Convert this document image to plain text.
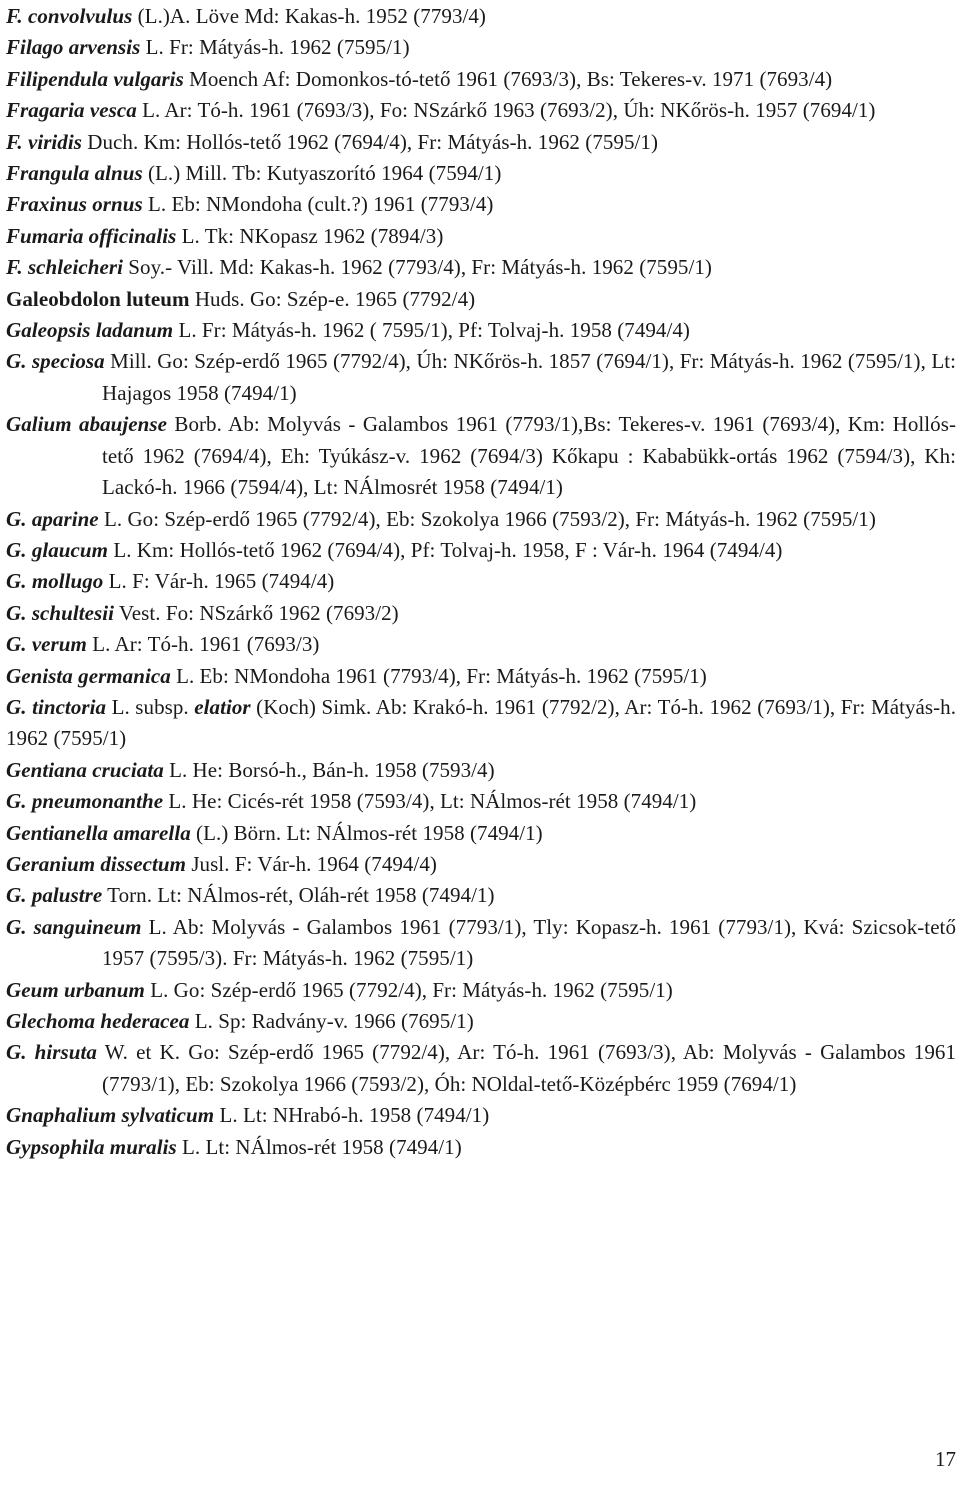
F. convolvulus (L.)A. Löve Md: Kakas-h. 1952 (7793/4)

Filago arvensis L. Fr: Mátyás-h. 1962 (7595/1)

Filipendula vulgaris Moench Af: Domonkos-tó-tető 1961 (7693/3), Bs: Tekeres-v. 1971 (7693/4)

Fragaria vesca L. Ar: Tó-h. 1961 (7693/3), Fo: NSzárkő 1963 (7693/2), Úh: NKőrös-h. 1957 (7694/1)

F. viridis Duch. Km: Hollós-tető 1962 (7694/4), Fr: Mátyás-h. 1962 (7595/1)

Frangula alnus (L.) Mill. Tb: Kutyaszorító 1964 (7594/1)

Fraxinus ornus L. Eb: NMondoha (cult.?) 1961 (7793/4)

Fumaria officinalis L. Tk: NKopasz 1962 (7894/3)

F. schleicheri Soy.- Vill. Md: Kakas-h. 1962 (7793/4), Fr: Mátyás-h. 1962 (7595/1)

Galeobdolon luteum Huds. Go: Szép-e. 1965 (7792/4)

Galeopsis ladanum L. Fr: Mátyás-h. 1962 ( 7595/1), Pf: Tolvaj-h. 1958 (7494/4)

G. speciosa Mill. Go: Szép-erdő 1965 (7792/4), Úh: NKőrös-h. 1857 (7694/1), Fr: Mátyás-h. 1962 (7595/1), Lt: Hajagos 1958 (7494/1)

Galium abaujense Borb. Ab: Molyvás - Galambos 1961 (7793/1),Bs: Tekeres-v. 1961 (7693/4), Km: Hollós-tető 1962 (7694/4), Eh: Tyúkász-v. 1962 (7694/3) Kőkapu : Kababükk-ortás 1962 (7594/3), Kh: Lackó-h. 1966 (7594/4), Lt: NÁlmosrét 1958 (7494/1)

G. aparine L. Go: Szép-erdő 1965 (7792/4), Eb: Szokolya 1966 (7593/2), Fr: Mátyás-h. 1962 (7595/1)

G. glaucum L. Km: Hollós-tető 1962 (7694/4), Pf: Tolvaj-h. 1958, F : Vár-h. 1964 (7494/4)

G. mollugo L. F: Vár-h. 1965 (7494/4)

G. schultesii Vest. Fo: NSzárkő 1962 (7693/2)

G. verum L. Ar: Tó-h. 1961 (7693/3)

Genista germanica L. Eb: NMondoha 1961 (7793/4), Fr: Mátyás-h. 1962 (7595/1)

G. tinctoria L. subsp. elatior (Koch) Simk. Ab: Krakó-h. 1961 (7792/2), Ar: Tó-h. 1962 (7693/1), Fr: Mátyás-h. 1962 (7595/1)

Gentiana cruciata L. He: Borsó-h., Bán-h. 1958 (7593/4)

G. pneumonanthe L. He: Cicés-rét 1958 (7593/4), Lt: NÁlmos-rét 1958 (7494/1)

Gentianella amarella (L.) Börn. Lt: NÁlmos-rét 1958 (7494/1)

Geranium dissectum Jusl. F: Vár-h. 1964 (7494/4)

G. palustre Torn. Lt: NÁlmos-rét, Oláh-rét 1958 (7494/1)

G. sanguineum L. Ab: Molyvás - Galambos 1961 (7793/1), Tly: Kopasz-h. 1961 (7793/1), Kvá: Szicsok-tető 1957 (7595/3). Fr: Mátyás-h. 1962 (7595/1)

Geum urbanum L. Go: Szép-erdő 1965 (7792/4), Fr: Mátyás-h. 1962 (7595/1)

Glechoma hederacea L. Sp: Radvány-v. 1966 (7695/1)

G. hirsuta W. et K. Go: Szép-erdő 1965 (7792/4), Ar: Tó-h. 1961 (7693/3), Ab: Molyvás - Galambos 1961 (7793/1), Eb: Szokolya 1966 (7593/2), Óh: NOldal-tető-Középbérc 1959 (7694/1)

Gnaphalium sylvaticum L. Lt: NHrabó-h. 1958 (7494/1)

Gypsophila muralis L. Lt: NÁlmos-rét 1958 (7494/1)

17
